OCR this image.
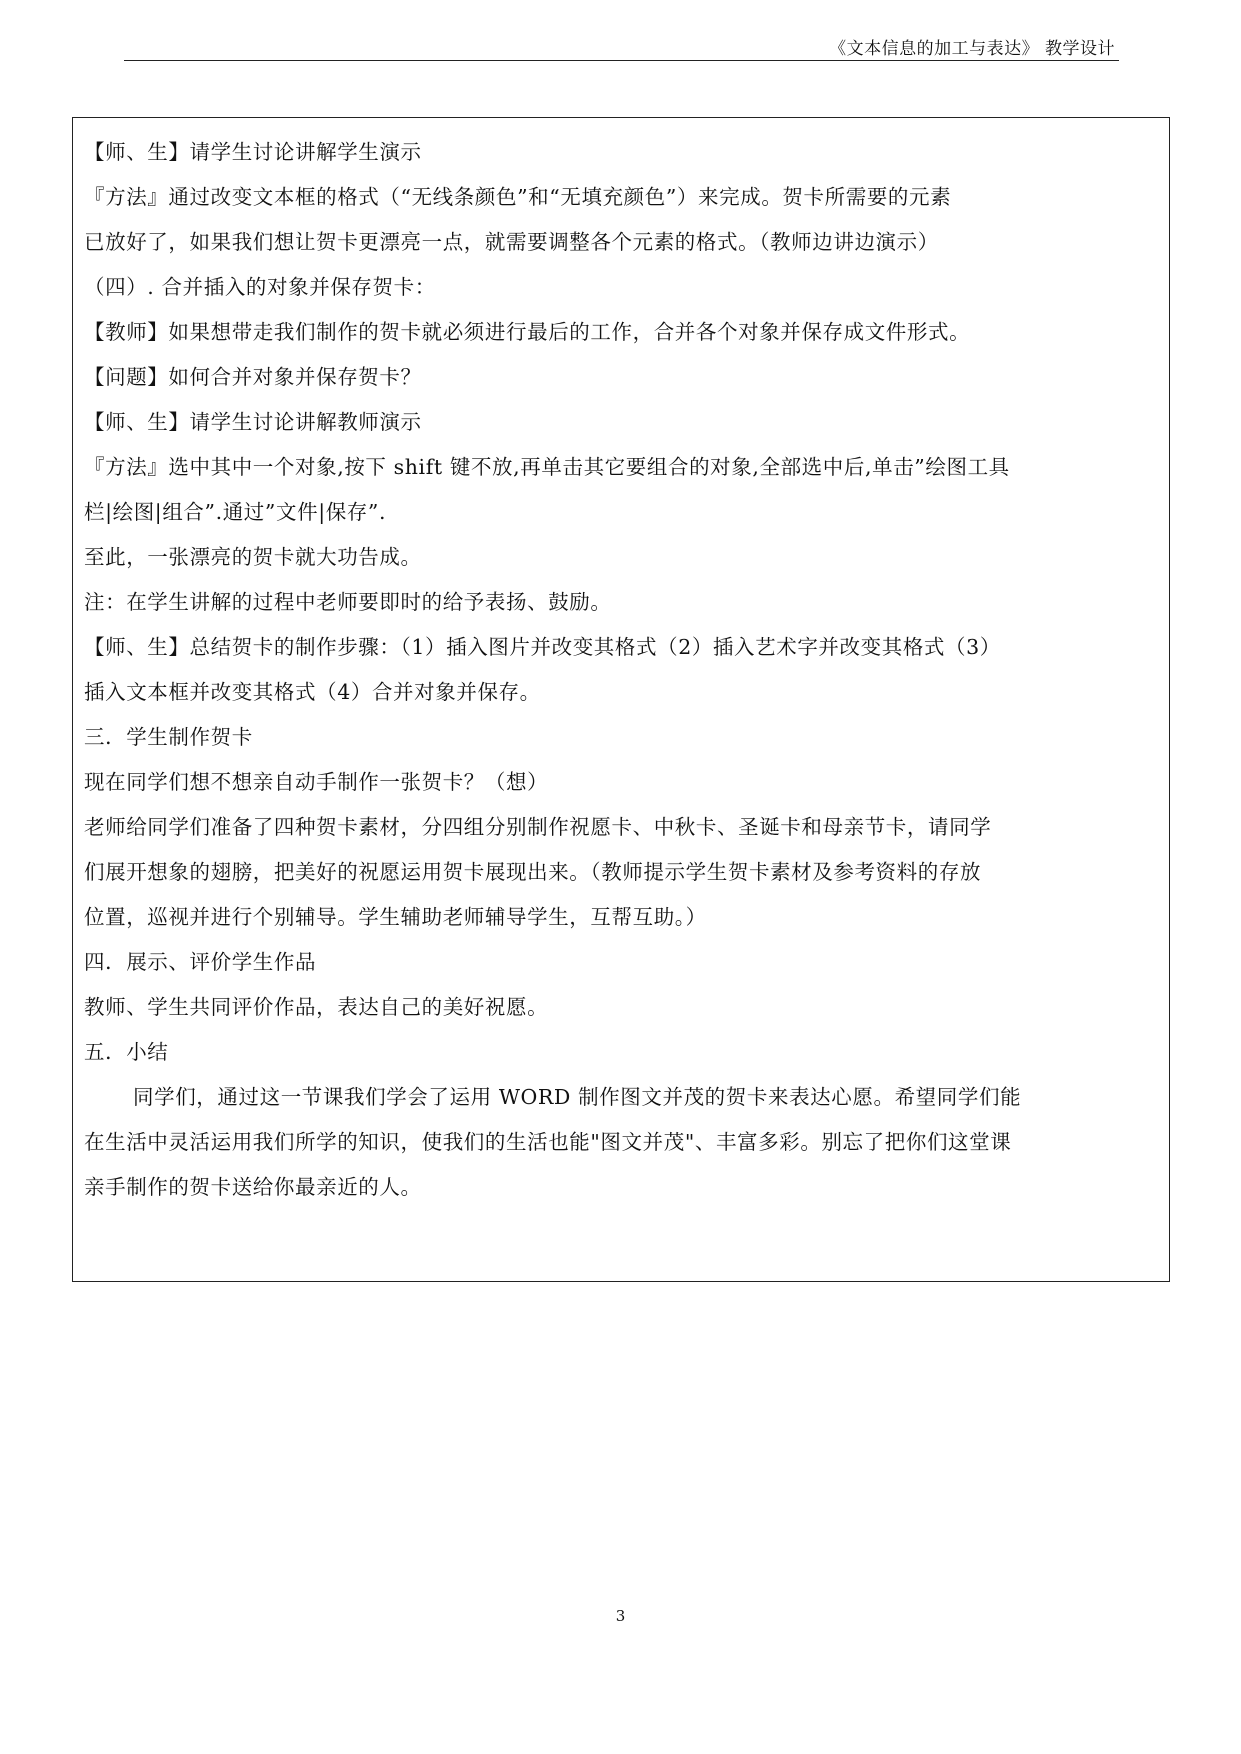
《文本信息的加工与表达》 教学设计

【师、生】请学生讨论讲解学生演示

『方法』通过改变文本框的格式（“无线条颜色”和“无填充颜色”）来完成。贺卡所需要的元素

已放好了，如果我们想让贺卡更漂亮一点，就需要调整各个元素的格式。（教师边讲边演示）

（四）. 合并插入的对象并保存贺卡：

【教师】如果想带走我们制作的贺卡就必须进行最后的工作，合并各个对象并保存成文件形式。

【问题】如何合并对象并保存贺卡？

【师、生】请学生讨论讲解教师演示

『方法』选中其中一个对象,按下 shift 键不放,再单击其它要组合的对象,全部选中后,单击”绘图工具

栏|绘图|组合”.通过”文件|保存”.

至此，一张漂亮的贺卡就大功告成。

注：在学生讲解的过程中老师要即时的给予表扬、鼓励。

【师、生】总结贺卡的制作步骤：（1）插入图片并改变其格式（2）插入艺术字并改变其格式（3）

插入文本框并改变其格式（4）合并对象并保存。

三．学生制作贺卡

现在同学们想不想亲自动手制作一张贺卡？（想）

老师给同学们准备了四种贺卡素材，分四组分别制作祝愿卡、中秋卡、圣诞卡和母亲节卡，请同学

们展开想象的翅膀，把美好的祝愿运用贺卡展现出来。（教师提示学生贺卡素材及参考资料的存放

位置，巡视并进行个别辅导。学生辅助老师辅导学生，互帮互助。）

四．展示、评价学生作品

教师、学生共同评价作品，表达自己的美好祝愿。

五．小结

同学们，通过这一节课我们学会了运用 WORD 制作图文并茂的贺卡来表达心愿。希望同学们能

在生活中灵活运用我们所学的知识，使我们的生活也能"图文并茂"、丰富多彩。别忘了把你们这堂课

亲手制作的贺卡送给你最亲近的人。

3
